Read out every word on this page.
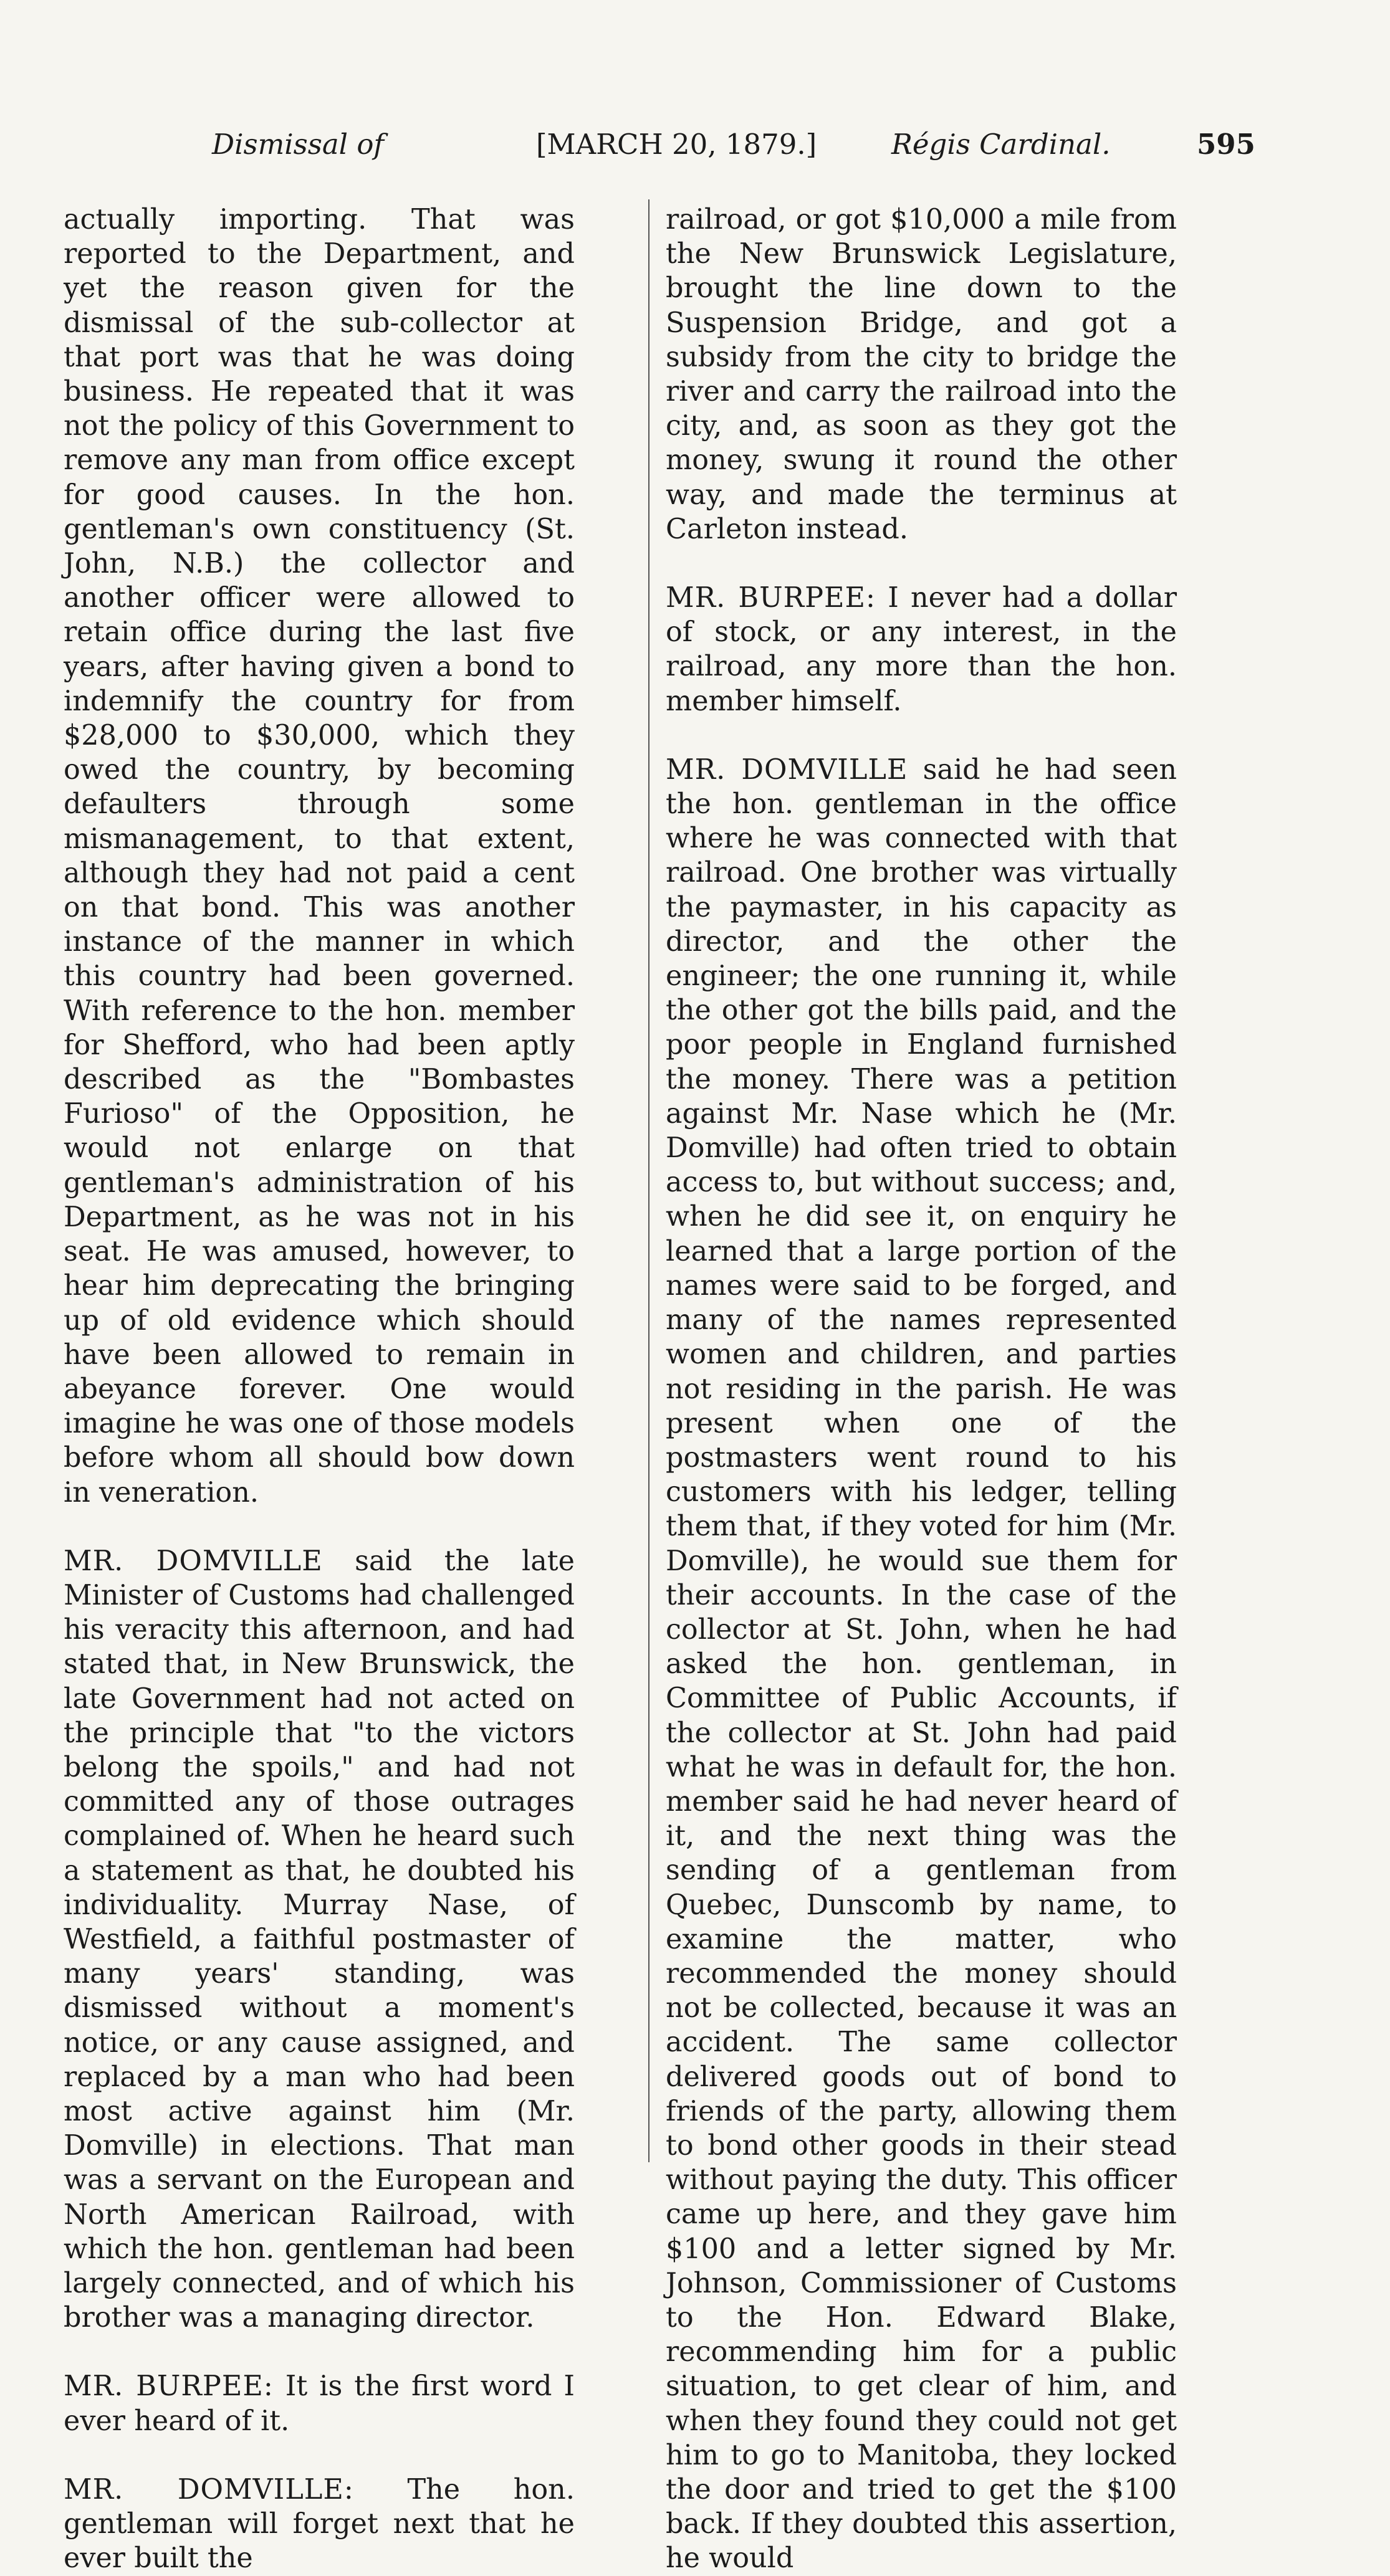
Dismissal of	[MARCH 20, 1879.]	Régis Cardinal.	595

actually importing. That was reported to the Department, and yet the reason given for the dismissal of the sub-collector at that port was that he was doing business. He repeated that it was not the policy of this Government to remove any man from office except for good causes. In the hon. gentleman's own constituency (St. John, N.B.) the collector and another officer were allowed to retain office during the last five years, after having given a bond to indemnify the country for from $28,000 to $30,000, which they owed the country, by becoming defaulters through some mismanagement, to that extent, although they had not paid a cent on that bond. This was another instance of the manner in which this country had been governed. With reference to the hon. member for Shefford, who had been aptly described as the "Bombastes Furioso" of the Opposition, he would not enlarge on that gentleman's administration of his Department, as he was not in his seat. He was amused, however, to hear him deprecating the bringing up of old evidence which should have been allowed to remain in abeyance forever. One would imagine he was one of those models before whom all should bow down in veneration.

MR. DOMVILLE said the late Minister of Customs had challenged his veracity this afternoon, and had stated that, in New Brunswick, the late Government had not acted on the principle that "to the victors belong the spoils," and had not committed any of those outrages complained of. When he heard such a statement as that, he doubted his individuality. Murray Nase, of Westfield, a faithful postmaster of many years' standing, was dismissed without a moment's notice, or any cause assigned, and replaced by a man who had been most active against him (Mr. Domville) in elections. That man was a servant on the European and North American Railroad, with which the hon. gentleman had been largely connected, and of which his brother was a managing director.

MR. BURPEE: It is the first word I ever heard of it.

MR. DOMVILLE: The hon. gentleman will forget next that he ever built the

railroad, or got $10,000 a mile from the New Brunswick Legislature, brought the line down to the Suspension Bridge, and got a subsidy from the city to bridge the river and carry the railroad into the city, and, as soon as they got the money, swung it round the other way, and made the terminus at Carleton instead.

MR. BURPEE: I never had a dollar of stock, or any interest, in the railroad, any more than the hon. member himself.

MR. DOMVILLE said he had seen the hon. gentleman in the office where he was connected with that railroad. One brother was virtually the paymaster, in his capacity as director, and the other the engineer; the one running it, while the other got the bills paid, and the poor people in England furnished the money. There was a petition against Mr. Nase which he (Mr. Domville) had often tried to obtain access to, but without success; and, when he did see it, on enquiry he learned that a large portion of the names were said to be forged, and many of the names represented women and children, and parties not residing in the parish. He was present when one of the postmasters went round to his customers with his ledger, telling them that, if they voted for him (Mr. Domville), he would sue them for their accounts. In the case of the collector at St. John, when he had asked the hon. gentleman, in Committee of Public Accounts, if the collector at St. John had paid what he was in default for, the hon. member said he had never heard of it, and the next thing was the sending of a gentleman from Quebec, Dunscomb by name, to examine the matter, who recommended the money should not be collected, because it was an accident. The same collector delivered goods out of bond to friends of the party, allowing them to bond other goods in their stead without paying the duty. This officer came up here, and they gave him $100 and a letter signed by Mr. Johnson, Commissioner of Customs to the Hon. Edward Blake, recommending him for a public situation, to get clear of him, and when they found they could not get him to go to Manitoba, they locked the door and tried to get the $100 back. If they doubted this assertion, he would
